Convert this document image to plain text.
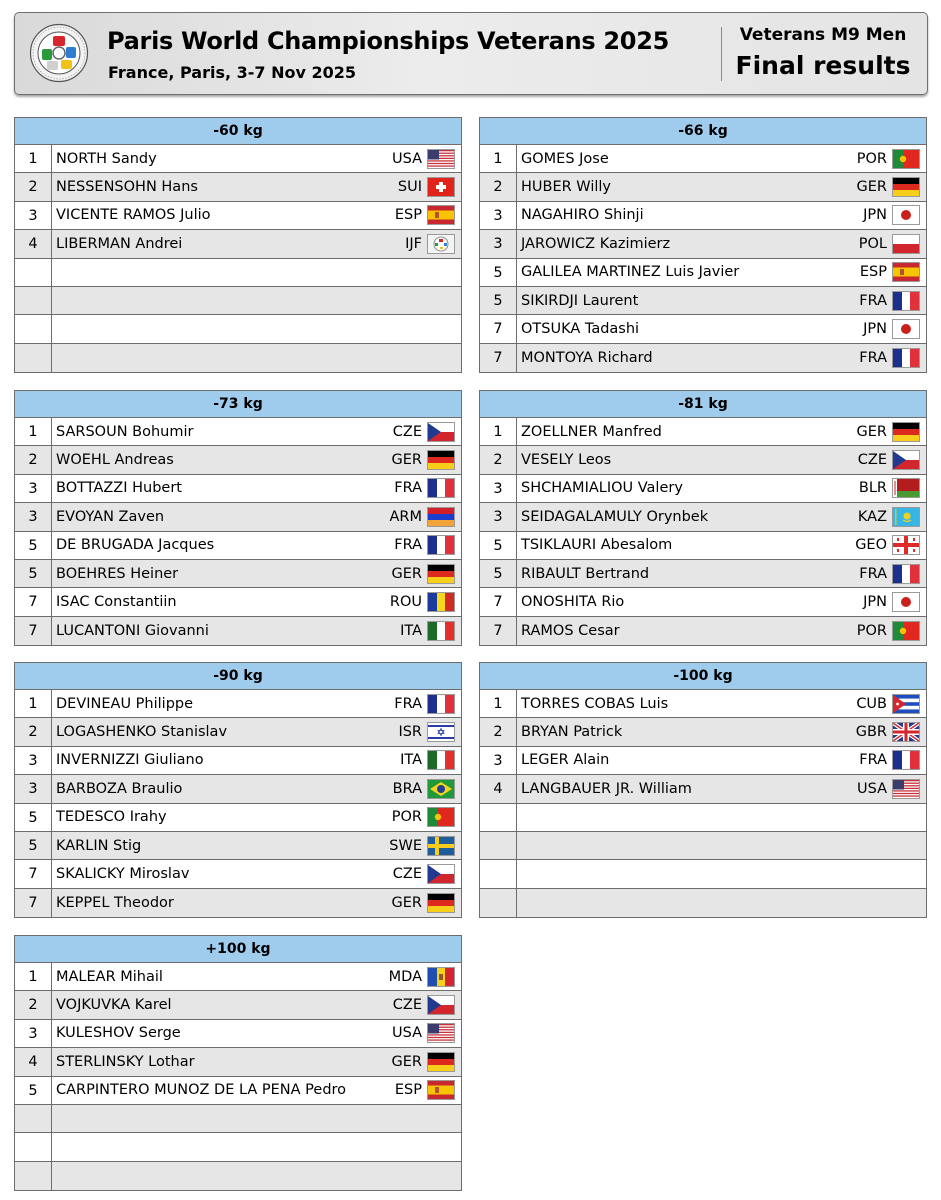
Paris World Championships Veterans 2025
France, Paris, 3-7 Nov 2025
Veterans M9 Men
Final results
-60 kg
1	NORTH Sandy	USA
2	NESSENSOHN Hans	SUI
3	VICENTE RAMOS Julio	ESP
4	LIBERMAN Andrei	IJF
-66 kg
1	GOMES Jose	POR
2	HUBER Willy	GER
3	NAGAHIRO Shinji	JPN
3	JAROWICZ Kazimierz	POL
5	GALILEA MARTINEZ Luis Javier	ESP
5	SIKIRDJI Laurent	FRA
7	OTSUKA Tadashi	JPN
7	MONTOYA Richard	FRA
-73 kg
1	SARSOUN Bohumir	CZE
2	WOEHL Andreas	GER
3	BOTTAZZI Hubert	FRA
3	EVOYAN Zaven	ARM
5	DE BRUGADA Jacques	FRA
5	BOEHRES Heiner	GER
7	ISAC Constantiin	ROU
7	LUCANTONI Giovanni	ITA
-81 kg
1	ZOELLNER Manfred	GER
2	VESELY Leos	CZE
3	SHCHAMIALIOU Valery	BLR
3	SEIDAGALAMULY Orynbek	KAZ
5	TSIKLAURI Abesalom	GEO
5	RIBAULT Bertrand	FRA
7	ONOSHITA Rio	JPN
7	RAMOS Cesar	POR
-90 kg
1	DEVINEAU Philippe	FRA
2	LOGASHENKO Stanislav	ISR
3	INVERNIZZI Giuliano	ITA
3	BARBOZA Braulio	BRA
5	TEDESCO Irahy	POR
5	KARLIN Stig	SWE
7	SKALICKY Miroslav	CZE
7	KEPPEL Theodor	GER
-100 kg
1	TORRES COBAS Luis	CUB
2	BRYAN Patrick	GBR
3	LEGER Alain	FRA
4	LANGBAUER JR. William	USA
+100 kg
1	MALEAR Mihail	MDA
2	VOJKUVKA Karel	CZE
3	KULESHOV Serge	USA
4	STERLINSKY Lothar	GER
5	CARPINTERO MUNOZ DE LA PENA Pedro	ESP
